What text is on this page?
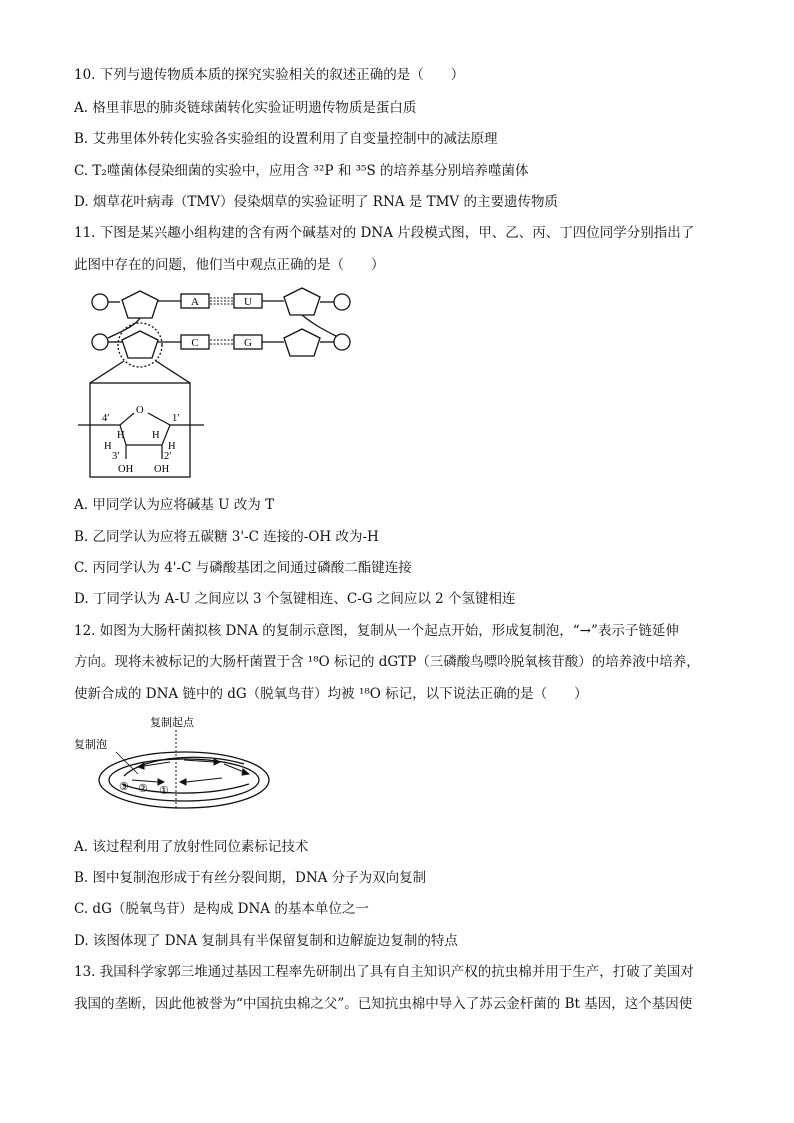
10. 下列与遗传物质本质的探究实验相关的叙述正确的是（　　）
A. 格里菲思的肺炎链球菌转化实验证明遗传物质是蛋白质
B. 艾弗里体外转化实验各实验组的设置利用了自变量控制中的减法原理
C. T₂噬菌体侵染细菌的实验中，应用含 ³²P 和 ³⁵S 的培养基分别培养噬菌体
D. 烟草花叶病毒（TMV）侵染烟草的实验证明了 RNA 是 TMV 的主要遗传物质
11. 下图是某兴趣小组构建的含有两个碱基对的 DNA 片段模式图，甲、乙、丙、丁四位同学分别指出了
此图中存在的问题，他们当中观点正确的是（　　）
A	U
C	G
O
4′	1′
H	H
H	H
3′	2′
OH OH
A. 甲同学认为应将碱基 U 改为 T
B. 乙同学认为应将五碳糖 3'-C 连接的-OH 改为-H
C. 丙同学认为 4'-C 与磷酸基团之间通过磷酸二酯键连接
D. 丁同学认为 A-U 之间应以 3 个氢键相连、C-G 之间应以 2 个氢键相连
12. 如图为大肠杆菌拟核 DNA 的复制示意图，复制从一个起点开始，形成复制泡，“→”表示子链延伸
方向。现将未被标记的大肠杆菌置于含 ¹⁸O 标记的 dGTP（三磷酸鸟嘌呤脱氧核苷酸）的培养液中培养，
使新合成的 DNA 链中的 dG（脱氧鸟苷）均被 ¹⁸O 标记，以下说法正确的是（　　）
复制起点
复制泡
③ ② ①
A. 该过程利用了放射性同位素标记技术
B. 图中复制泡形成于有丝分裂间期，DNA 分子为双向复制
C. dG（脱氧鸟苷）是构成 DNA 的基本单位之一
D. 该图体现了 DNA 复制具有半保留复制和边解旋边复制的特点
13. 我国科学家郭三堆通过基因工程率先研制出了具有自主知识产权的抗虫棉并用于生产，打破了美国对
我国的垄断，因此他被誉为“中国抗虫棉之父”。已知抗虫棉中导入了苏云金杆菌的 Bt 基因，这个基因使
